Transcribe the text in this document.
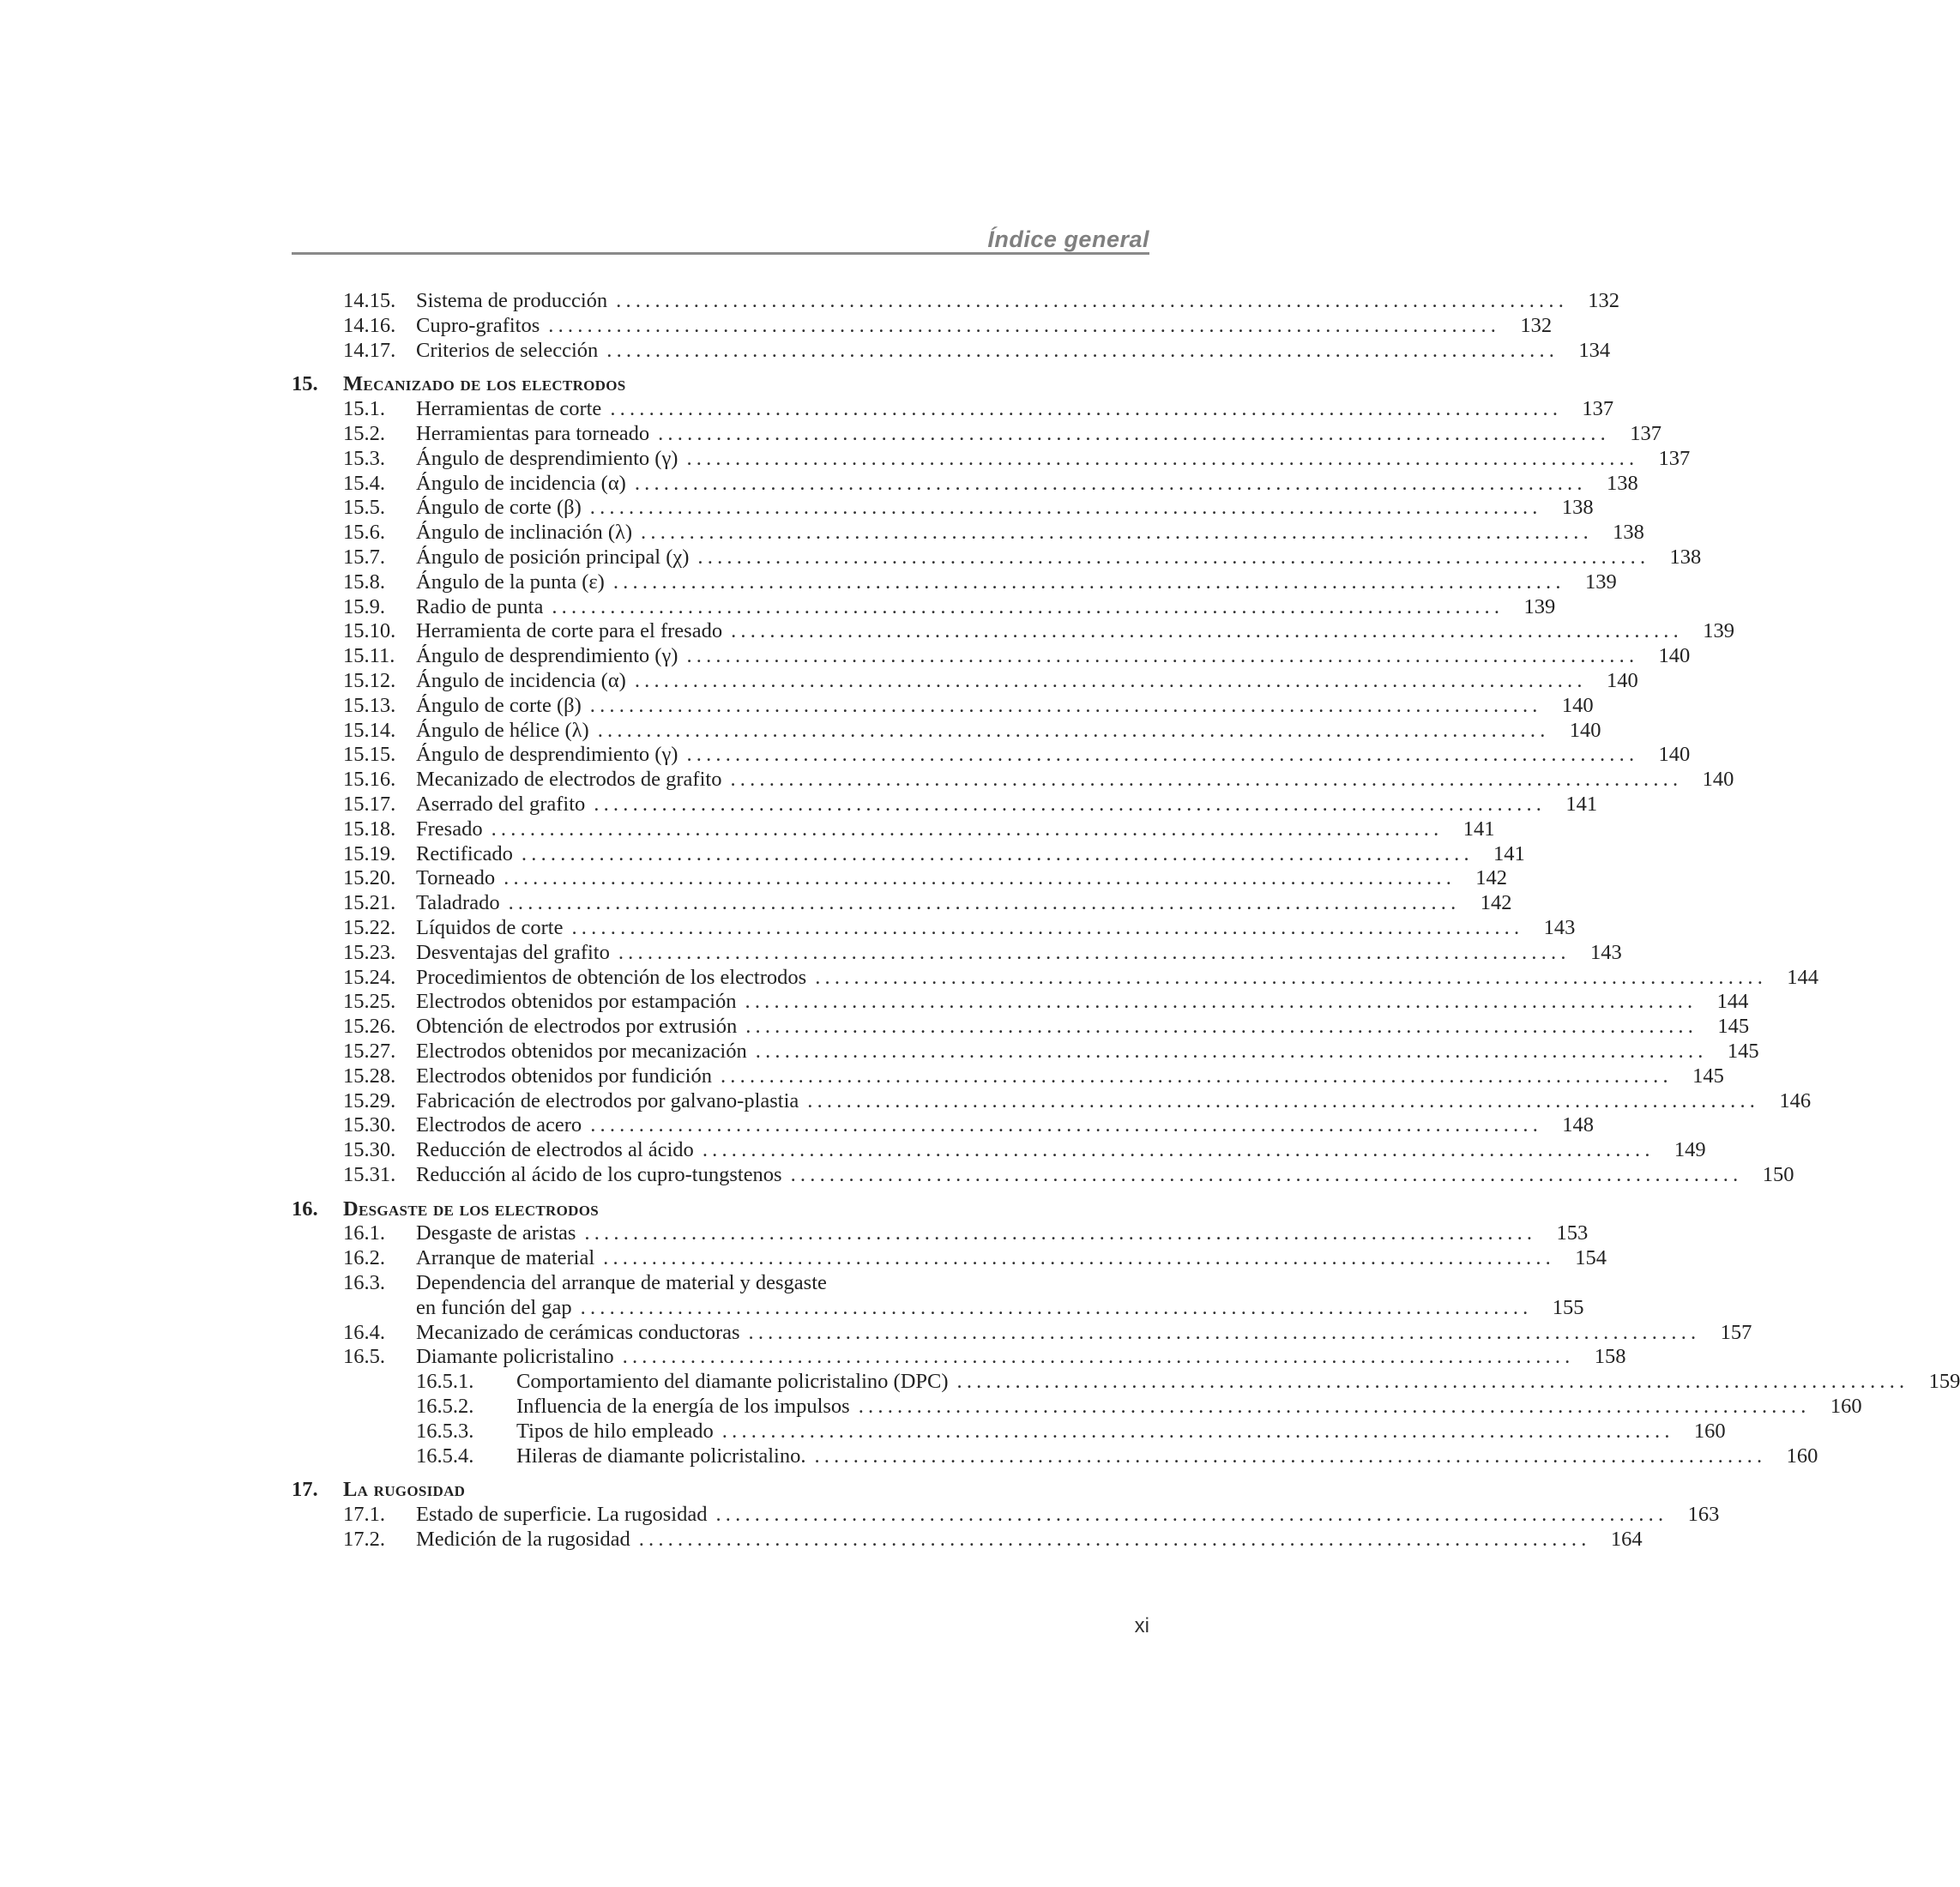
Índice general
14.15. Sistema de producción .................................................................................................. 132
14.16. Cupro-grafitos .................................................................................................. 132
14.17. Criterios de selección .................................................................................................. 134
15.	Mecanizado de los electrodos
15.1.	Herramientas de corte .................................................................................................. 137
15.2.	Herramientas para torneado .................................................................................................. 137
15.3.	Ángulo de desprendimiento (γ) .................................................................................................. 137
15.4.	Ángulo de incidencia (α) .................................................................................................. 138
15.5.	Ángulo de corte (β) .................................................................................................. 138
15.6.	Ángulo de inclinación (λ) .................................................................................................. 138
15.7.	Ángulo de posición principal (χ) .................................................................................................. 138
15.8.	Ángulo de la punta (ε) .................................................................................................. 139
15.9.	Radio de punta .................................................................................................. 139
15.10. Herramienta de corte para el fresado .................................................................................................. 139
15.11.	Ángulo de desprendimiento (γ) .................................................................................................. 140
15.12. Ángulo de incidencia (α) .................................................................................................. 140
15.13. Ángulo de corte (β) .................................................................................................. 140
15.14. Ángulo de hélice (λ) .................................................................................................. 140
15.15. Ángulo de desprendimiento (γ) .................................................................................................. 140
15.16. Mecanizado de electrodos de grafito .................................................................................................. 140
15.17. Aserrado del grafito .................................................................................................. 141
15.18. Fresado .................................................................................................. 141
15.19. Rectificado .................................................................................................. 141
15.20. Torneado .................................................................................................. 142
15.21. Taladrado .................................................................................................. 142
15.22. Líquidos de corte .................................................................................................. 143
15.23. Desventajas del grafito .................................................................................................. 143
15.24. Procedimientos de obtención de los electrodos .................................................................................................. 144
15.25. Electrodos obtenidos por estampación .................................................................................................. 144
15.26. Obtención de electrodos por extrusión .................................................................................................. 145
15.27. Electrodos obtenidos por mecanización .................................................................................................. 145
15.28. Electrodos obtenidos por fundición .................................................................................................. 145
15.29. Fabricación de electrodos por galvano-plastia .................................................................................................. 146
15.30. Electrodos de acero .................................................................................................. 148
15.30. Reducción de electrodos al ácido .................................................................................................. 149
15.31. Reducción al ácido de los cupro-tungstenos .................................................................................................. 150
16.	Desgaste de los electrodos
16.1.	Desgaste de aristas .................................................................................................. 153
16.2.	Arranque de material .................................................................................................. 154
16.3.	Dependencia del arranque de material y desgaste
en función del gap .................................................................................................. 155
16.4.	Mecanizado de cerámicas conductoras .................................................................................................. 157
16.5.	Diamante policristalino .................................................................................................. 158
16.5.1.	Comportamiento del diamante policristalino (DPC) .................................................................................................. 159
16.5.2.	Influencia de la energía de los impulsos .................................................................................................. 160
16.5.3.	Tipos de hilo empleado .................................................................................................. 160
16.5.4.	Hileras de diamante policristalino. .................................................................................................. 160
17.	La rugosidad
17.1.	Estado de superficie. La rugosidad .................................................................................................. 163
17.2.	Medición de la rugosidad .................................................................................................. 164
xi
